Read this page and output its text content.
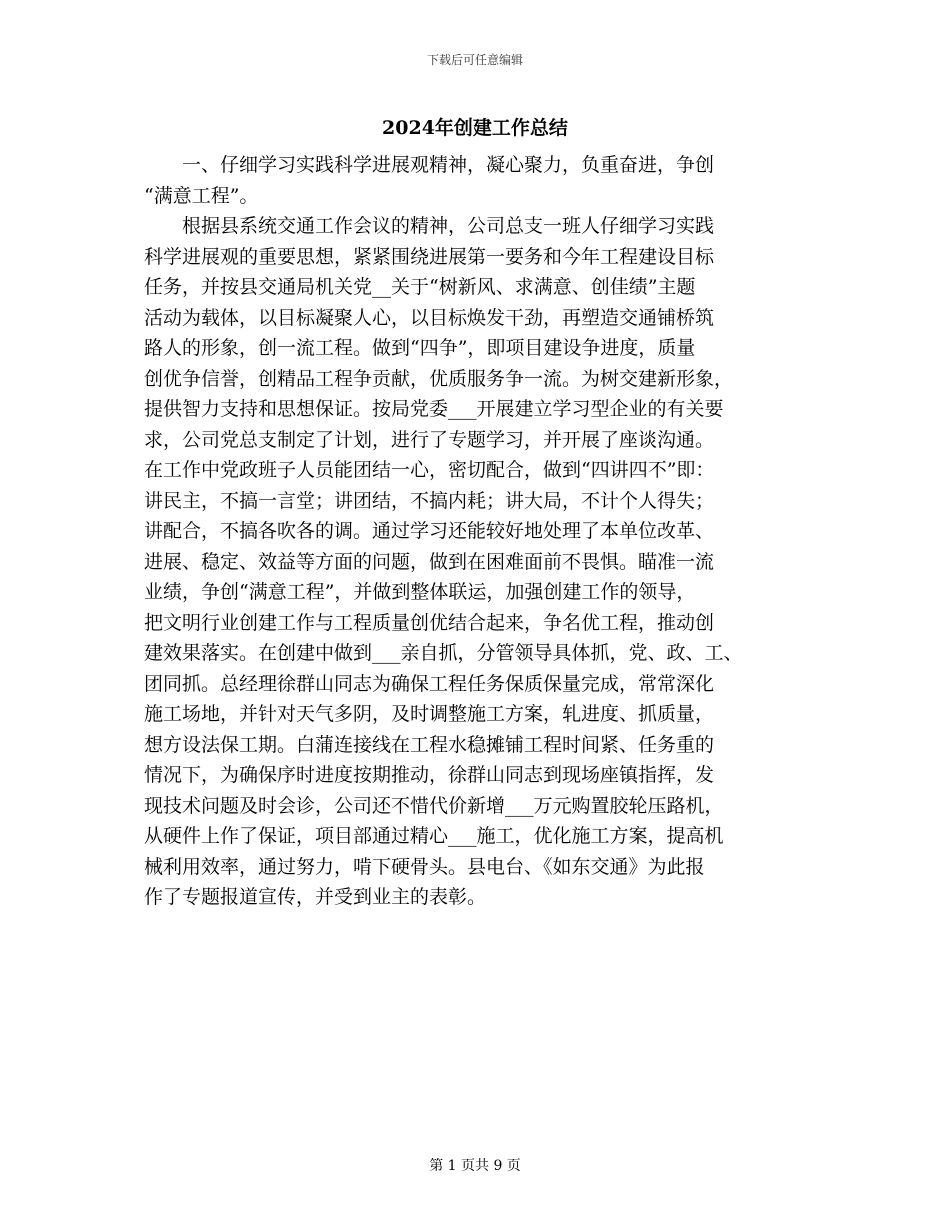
下载后可任意编辑
2024年创建工作总结
　　一、仔细学习实践科学进展观精神，凝心聚力，负重奋进，争创
“满意工程”。
　　根据县系统交通工作会议的精神，公司总支一班人仔细学习实践
科学进展观的重要思想，紧紧围绕进展第一要务和今年工程建设目标
任务，并按县交通局机关党__关于“树新风、求满意、创佳绩”主题
活动为载体，以目标凝聚人心，以目标焕发干劲，再塑造交通铺桥筑
路人的形象，创一流工程。做到“四争”，即项目建设争进度，质量
创优争信誉，创精品工程争贡献，优质服务争一流。为树交建新形象，
提供智力支持和思想保证。按局党委___开展建立学习型企业的有关要
求，公司党总支制定了计划，进行了专题学习，并开展了座谈沟通。
在工作中党政班子人员能团结一心，密切配合，做到“四讲四不”即：
讲民主，不搞一言堂；讲团结，不搞内耗；讲大局，不计个人得失；
讲配合，不搞各吹各的调。通过学习还能较好地处理了本单位改革、
进展、稳定、效益等方面的问题，做到在困难面前不畏惧。瞄准一流
业绩，争创“满意工程”，并做到整体联运，加强创建工作的领导，
把文明行业创建工作与工程质量创优结合起来，争名优工程，推动创
建效果落实。在创建中做到___亲自抓，分管领导具体抓，党、政、工、
团同抓。总经理徐群山同志为确保工程任务保质保量完成，常常深化
施工场地，并针对天气多阴，及时调整施工方案，轧进度、抓质量，
想方设法保工期。白蒲连接线在工程水稳摊铺工程时间紧、任务重的
情况下，为确保序时进度按期推动，徐群山同志到现场座镇指挥，发
现技术问题及时会诊，公司还不惜代价新增___万元购置胶轮压路机，
从硬件上作了保证，项目部通过精心___施工，优化施工方案，提高机
械利用效率，通过努力，啃下硬骨头。县电台、《如东交通》为此报
作了专题报道宣传，并受到业主的表彰。
第 1 页共 9 页
